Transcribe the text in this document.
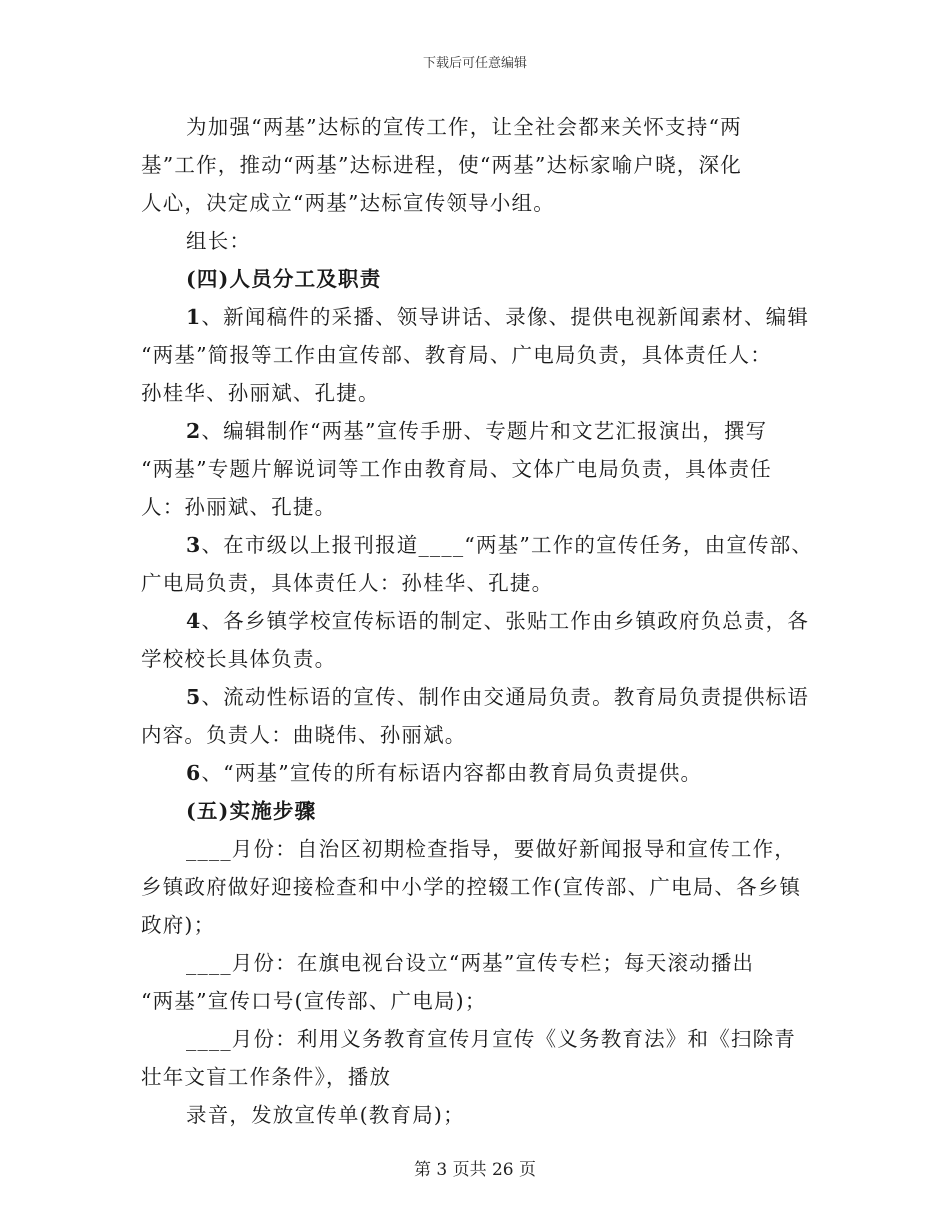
下载后可任意编辑
为加强“两基”达标的宣传工作，让全社会都来关怀支持“两
基”工作，推动“两基”达标进程，使“两基”达标家喻户晓，深化
人心，决定成立“两基”达标宣传领导小组。
组长：
(四)人员分工及职责
1、新闻稿件的采播、领导讲话、录像、提供电视新闻素材、编辑
“两基”简报等工作由宣传部、教育局、广电局负责，具体责任人：
孙桂华、孙丽斌、孔捷。
2、编辑制作“两基”宣传手册、专题片和文艺汇报演出，撰写
“两基”专题片解说词等工作由教育局、文体广电局负责，具体责任
人：孙丽斌、孔捷。
3、在市级以上报刊报道____“两基”工作的宣传任务，由宣传部、
广电局负责，具体责任人：孙桂华、孔捷。
4、各乡镇学校宣传标语的制定、张贴工作由乡镇政府负总责，各
学校校长具体负责。
5、流动性标语的宣传、制作由交通局负责。教育局负责提供标语
内容。负责人：曲晓伟、孙丽斌。
6、“两基”宣传的所有标语内容都由教育局负责提供。
(五)实施步骤
____月份：自治区初期检查指导，要做好新闻报导和宣传工作，
乡镇政府做好迎接检查和中小学的控辍工作(宣传部、广电局、各乡镇
政府)；
____月份：在旗电视台设立“两基”宣传专栏；每天滚动播出
“两基”宣传口号(宣传部、广电局)；
____月份：利用义务教育宣传月宣传《义务教育法》和《扫除青
壮年文盲工作条件》，播放
录音，发放宣传单(教育局)；
第 3 页共 26 页
